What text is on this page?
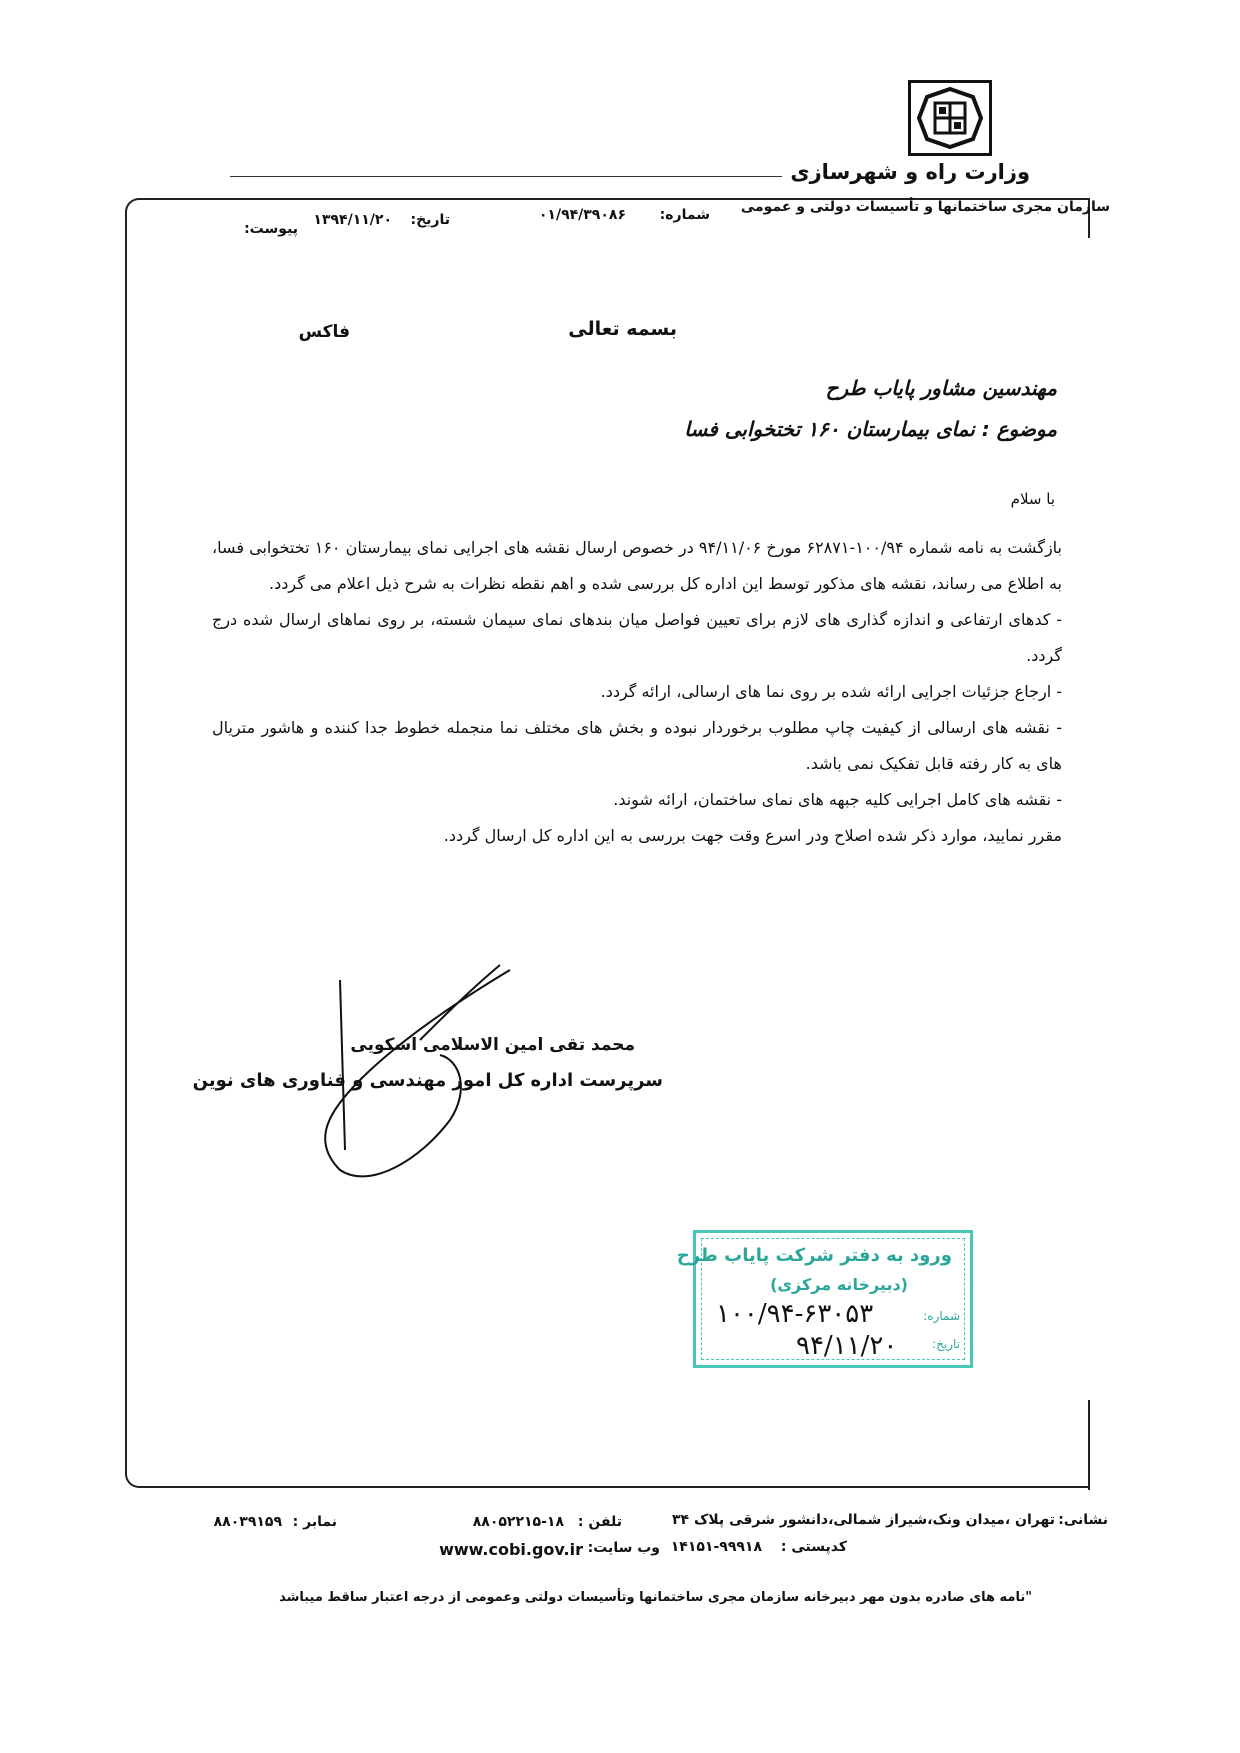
وزارت راه و شهرسازی
سازمان مجری ساختمانها و تأسیسات دولتی و عمومی
شماره:
۰۱/۹۴/۳۹۰۸۶
تاریخ:
۱۳۹۴/۱۱/۲۰
پیوست:
بسمه تعالی
فاکس
مهندسین مشاور پایاب طرح
موضوع : نمای بیمارستان ۱۶۰ تختخوابی فسا
با سلام

بازگشت به نامه شماره ۱۰۰/۹۴-۶۲۸۷۱ مورخ ۹۴/۱۱/۰۶ در خصوص ارسال نقشه های اجرایی نمای بیمارستان ۱۶۰ تختخوابی فسا، به اطلاع می رساند، نقشه های مذکور توسط این اداره کل بررسی شده و اهم نقطه نظرات به شرح ذیل اعلام می گردد.

- کدهای ارتفاعی و اندازه گذاری های لازم برای تعیین فواصل میان بندهای نمای سیمان شسته، بر روی نماهای ارسال شده درج گردد.

- ارجاع جزئیات اجرایی ارائه شده بر روی نما های ارسالی، ارائه گردد.

- نقشه های ارسالی از کیفیت چاپ مطلوب برخوردار نبوده و بخش های مختلف نما منجمله خطوط جدا کننده و هاشور متریال های به کار رفته قابل تفکیک نمی باشد.

- نقشه های کامل اجرایی کلیه جبهه های نمای ساختمان، ارائه شوند.

مقرر نمایید، موارد ذکر شده اصلاح ودر اسرع وقت جهت بررسی به این اداره کل ارسال گردد.

محمد تقی امین الاسلامی اسکویی
سرپرست اداره کل امور مهندسی و فناوری های نوین
ورود به دفتر شرکت پایاب طرح
(دبیرخانه مرکزی)
شماره:
تاریخ:
۱۰۰/۹۴-۶۳۰۵۳
۹۴/۱۱/۲۰
نشانی:
تهران ،میدان ونک،شیراز شمالی،دانشور شرقی پلاک ۳۴
کدپستی :
۱۴۱۵۱-۹۹۹۱۸
تلفن :
۸۸۰۵۲۲۱۵-۱۸
وب سایت:
www.cobi.gov.ir
نمابر :
۸۸۰۳۹۱۵۹
"نامه های صادره بدون مهر دبیرخانه سازمان مجری ساختمانها وتأسیسات دولتی وعمومی از درجه اعتبار ساقط میباشد
